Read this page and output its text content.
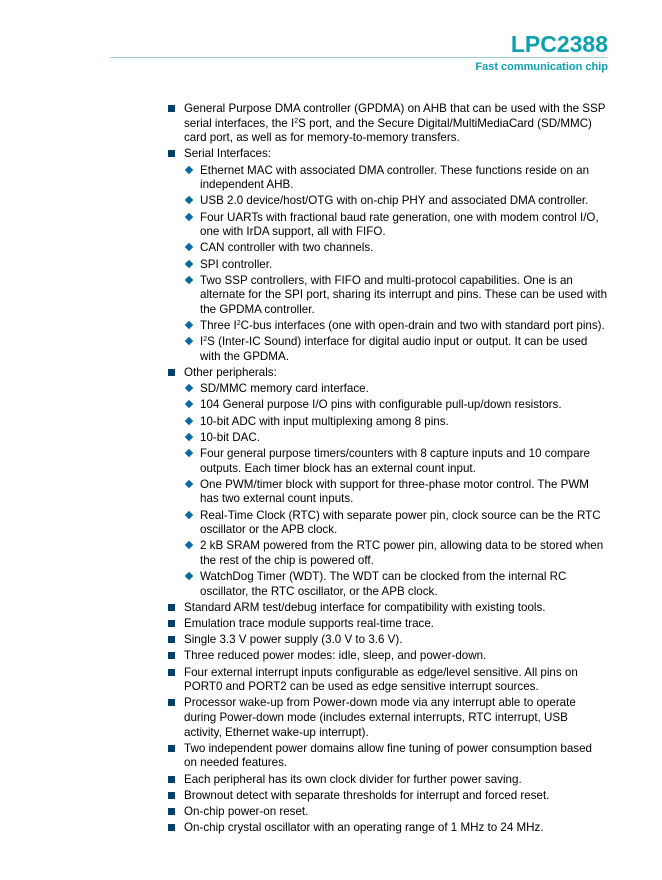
LPC2388
Fast communication chip
General Purpose DMA controller (GPDMA) on AHB that can be used with the SSP serial interfaces, the $I^2S$ port, and the Secure Digital/MultiMediaCard (SD/MMC) card port, as well as for memory-to-memory transfers.
Serial Interfaces:
Ethernet MAC with associated DMA controller. These functions reside on an independent AHB.
USB 2.0 device/host/OTG with on-chip PHY and associated DMA controller.
Four UARTs with fractional baud rate generation, one with modem control I/O, one with IrDA support, all with FIFO.
CAN controller with two channels.
SPI controller.
Two SSP controllers, with FIFO and multi-protocol capabilities. One is an alternate for the SPI port, sharing its interrupt and pins. These can be used with the GPDMA controller.
Three $I^2C$-bus interfaces (one with open-drain and two with standard port pins).
$I^2S$ (Inter-IC Sound) interface for digital audio input or output. It can be used with the GPDMA.
Other peripherals:
SD/MMC memory card interface.
104 General purpose I/O pins with configurable pull-up/down resistors.
10-bit ADC with input multiplexing among 8 pins.
10-bit DAC.
Four general purpose timers/counters with 8 capture inputs and 10 compare outputs. Each timer block has an external count input.
One PWM/timer block with support for three-phase motor control. The PWM has two external count inputs.
Real-Time Clock (RTC) with separate power pin, clock source can be the RTC oscillator or the APB clock.
2 kB SRAM powered from the RTC power pin, allowing data to be stored when the rest of the chip is powered off.
WatchDog Timer (WDT). The WDT can be clocked from the internal RC oscillator, the RTC oscillator, or the APB clock.
Standard ARM test/debug interface for compatibility with existing tools.
Emulation trace module supports real-time trace.
Single 3.3 V power supply (3.0 V to 3.6 V).
Three reduced power modes: idle, sleep, and power-down.
Four external interrupt inputs configurable as edge/level sensitive. All pins on PORT0 and PORT2 can be used as edge sensitive interrupt sources.
Processor wake-up from Power-down mode via any interrupt able to operate during Power-down mode (includes external interrupts, RTC interrupt, USB activity, Ethernet wake-up interrupt).
Two independent power domains allow fine tuning of power consumption based on needed features.
Each peripheral has its own clock divider for further power saving.
Brownout detect with separate thresholds for interrupt and forced reset.
On-chip power-on reset.
On-chip crystal oscillator with an operating range of 1 MHz to 24 MHz.
